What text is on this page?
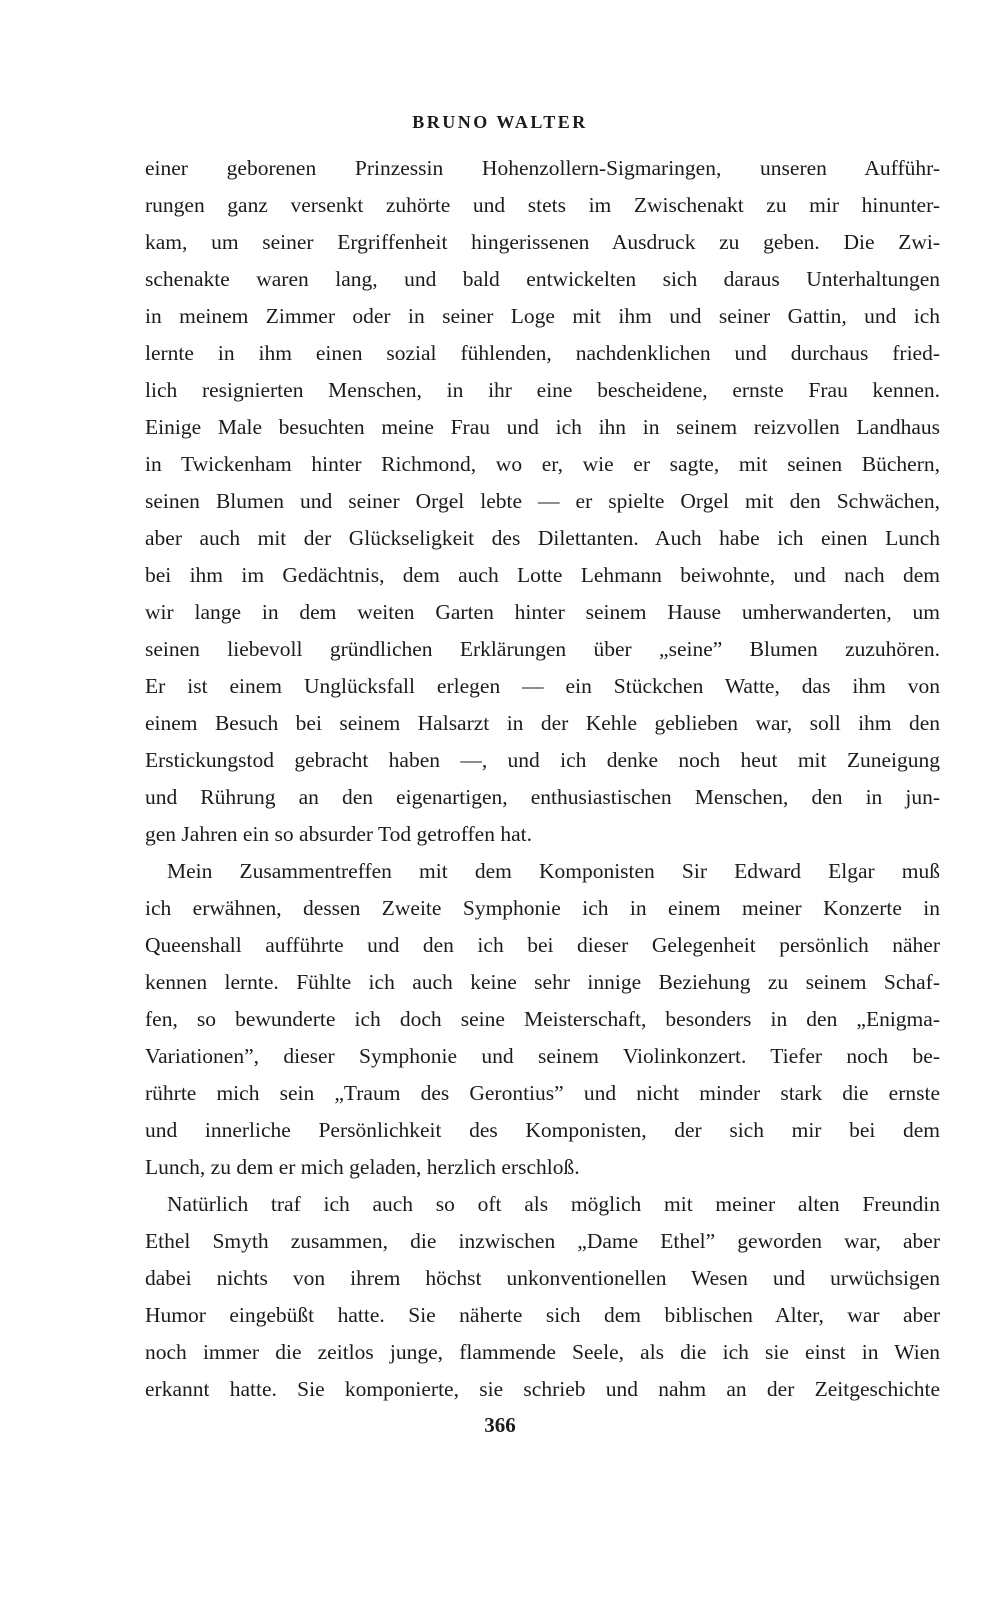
BRUNO WALTER
einer geborenen Prinzessin Hohenzollern-Sigmaringen, unseren Aufführ-
rungen ganz versenkt zuhörte und stets im Zwischenakt zu mir hinunter-
kam, um seiner Ergriffenheit hingerissenen Ausdruck zu geben. Die Zwi-
schenakte waren lang, und bald entwickelten sich daraus Unterhaltungen
in meinem Zimmer oder in seiner Loge mit ihm und seiner Gattin, und ich
lernte in ihm einen sozial fühlenden, nachdenklichen und durchaus fried-
lich resignierten Menschen, in ihr eine bescheidene, ernste Frau kennen.
Einige Male besuchten meine Frau und ich ihn in seinem reizvollen Landhaus
in Twickenham hinter Richmond, wo er, wie er sagte, mit seinen Büchern,
seinen Blumen und seiner Orgel lebte — er spielte Orgel mit den Schwächen,
aber auch mit der Glückseligkeit des Dilettanten. Auch habe ich einen Lunch
bei ihm im Gedächtnis, dem auch Lotte Lehmann beiwohnte, und nach dem
wir lange in dem weiten Garten hinter seinem Hause umherwanderten, um
seinen liebevoll gründlichen Erklärungen über „seine” Blumen zuzuhören.
Er ist einem Unglücksfall erlegen — ein Stückchen Watte, das ihm von
einem Besuch bei seinem Halsarzt in der Kehle geblieben war, soll ihm den
Erstickungstod gebracht haben —, und ich denke noch heut mit Zuneigung
und Rührung an den eigenartigen, enthusiastischen Menschen, den in jun-
gen Jahren ein so absurder Tod getroffen hat.
Mein Zusammentreffen mit dem Komponisten Sir Edward Elgar muß
ich erwähnen, dessen Zweite Symphonie ich in einem meiner Konzerte in
Queenshall aufführte und den ich bei dieser Gelegenheit persönlich näher
kennen lernte. Fühlte ich auch keine sehr innige Beziehung zu seinem Schaf-
fen, so bewunderte ich doch seine Meisterschaft, besonders in den „Enigma-
Variationen”, dieser Symphonie und seinem Violinkonzert. Tiefer noch be-
rührte mich sein „Traum des Gerontius” und nicht minder stark die ernste
und innerliche Persönlichkeit des Komponisten, der sich mir bei dem
Lunch, zu dem er mich geladen, herzlich erschloß.
Natürlich traf ich auch so oft als möglich mit meiner alten Freundin
Ethel Smyth zusammen, die inzwischen „Dame Ethel” geworden war, aber
dabei nichts von ihrem höchst unkonventionellen Wesen und urwüchsigen
Humor eingebüßt hatte. Sie näherte sich dem biblischen Alter, war aber
noch immer die zeitlos junge, flammende Seele, als die ich sie einst in Wien
erkannt hatte. Sie komponierte, sie schrieb und nahm an der Zeitgeschichte
366
